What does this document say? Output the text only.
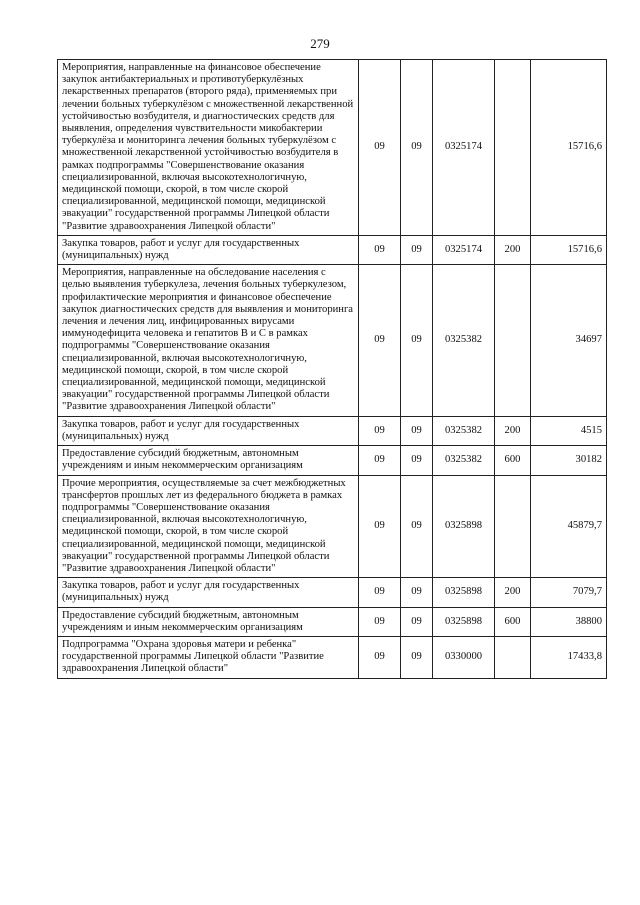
279
Мероприятия, направленные на финансовое обеспечение закупок антибактериальных и противотуберкулёзных лекарственных препаратов (второго ряда), применяемых при лечении больных туберкулёзом с множественной лекарственной устойчивостью возбудителя, и диагностических средств для выявления, определения чувствительности микобактерии туберкулёза и мониторинга лечения больных туберкулёзом с множественной лекарственной устойчивостью возбудителя в рамках подпрограммы "Совершенствование оказания специализированной, включая высокотехнологичную, медицинской помощи, скорой, в том числе скорой специализированной, медицинской помощи, медицинской эвакуации" государственной программы Липецкой области "Развитие здравоохранения Липецкой области"	09	09	0325174		15716,6
Закупка товаров, работ и услуг для государственных (муниципальных) нужд	09	09	0325174	200	15716,6
Мероприятия, направленные на обследование населения с целью выявления туберкулеза, лечения больных туберкулезом, профилактические мероприятия и финансовое обеспечение закупок диагностических средств для выявления и мониторинга лечения и лечения лиц, инфицированных вирусами иммунодефицита человека и гепатитов В и С в рамках подпрограммы "Совершенствование оказания специализированной, включая высокотехнологичную, медицинской помощи, скорой, в том числе скорой специализированной, медицинской помощи, медицинской эвакуации" государственной программы Липецкой области "Развитие здравоохранения Липецкой области"	09	09	0325382		34697
Закупка товаров, работ и услуг для государственных (муниципальных) нужд	09	09	0325382	200	4515
Предоставление субсидий бюджетным, автономным учреждениям и иным некоммерческим организациям	09	09	0325382	600	30182
Прочие мероприятия, осуществляемые за счет межбюджетных трансфертов прошлых лет из федерального бюджета в рамках подпрограммы "Совершенствование оказания специализированной, включая высокотехнологичную, медицинской помощи, скорой, в том числе скорой специализированной, медицинской помощи, медицинской эвакуации" государственной программы Липецкой области "Развитие здравоохранения Липецкой области"	09	09	0325898		45879,7
Закупка товаров, работ и услуг для государственных (муниципальных) нужд	09	09	0325898	200	7079,7
Предоставление субсидий бюджетным, автономным учреждениям и иным некоммерческим организациям	09	09	0325898	600	38800
Подпрограмма "Охрана здоровья матери и ребенка" государственной программы Липецкой области "Развитие здравоохранения Липецкой области"	09	09	0330000		17433,8
